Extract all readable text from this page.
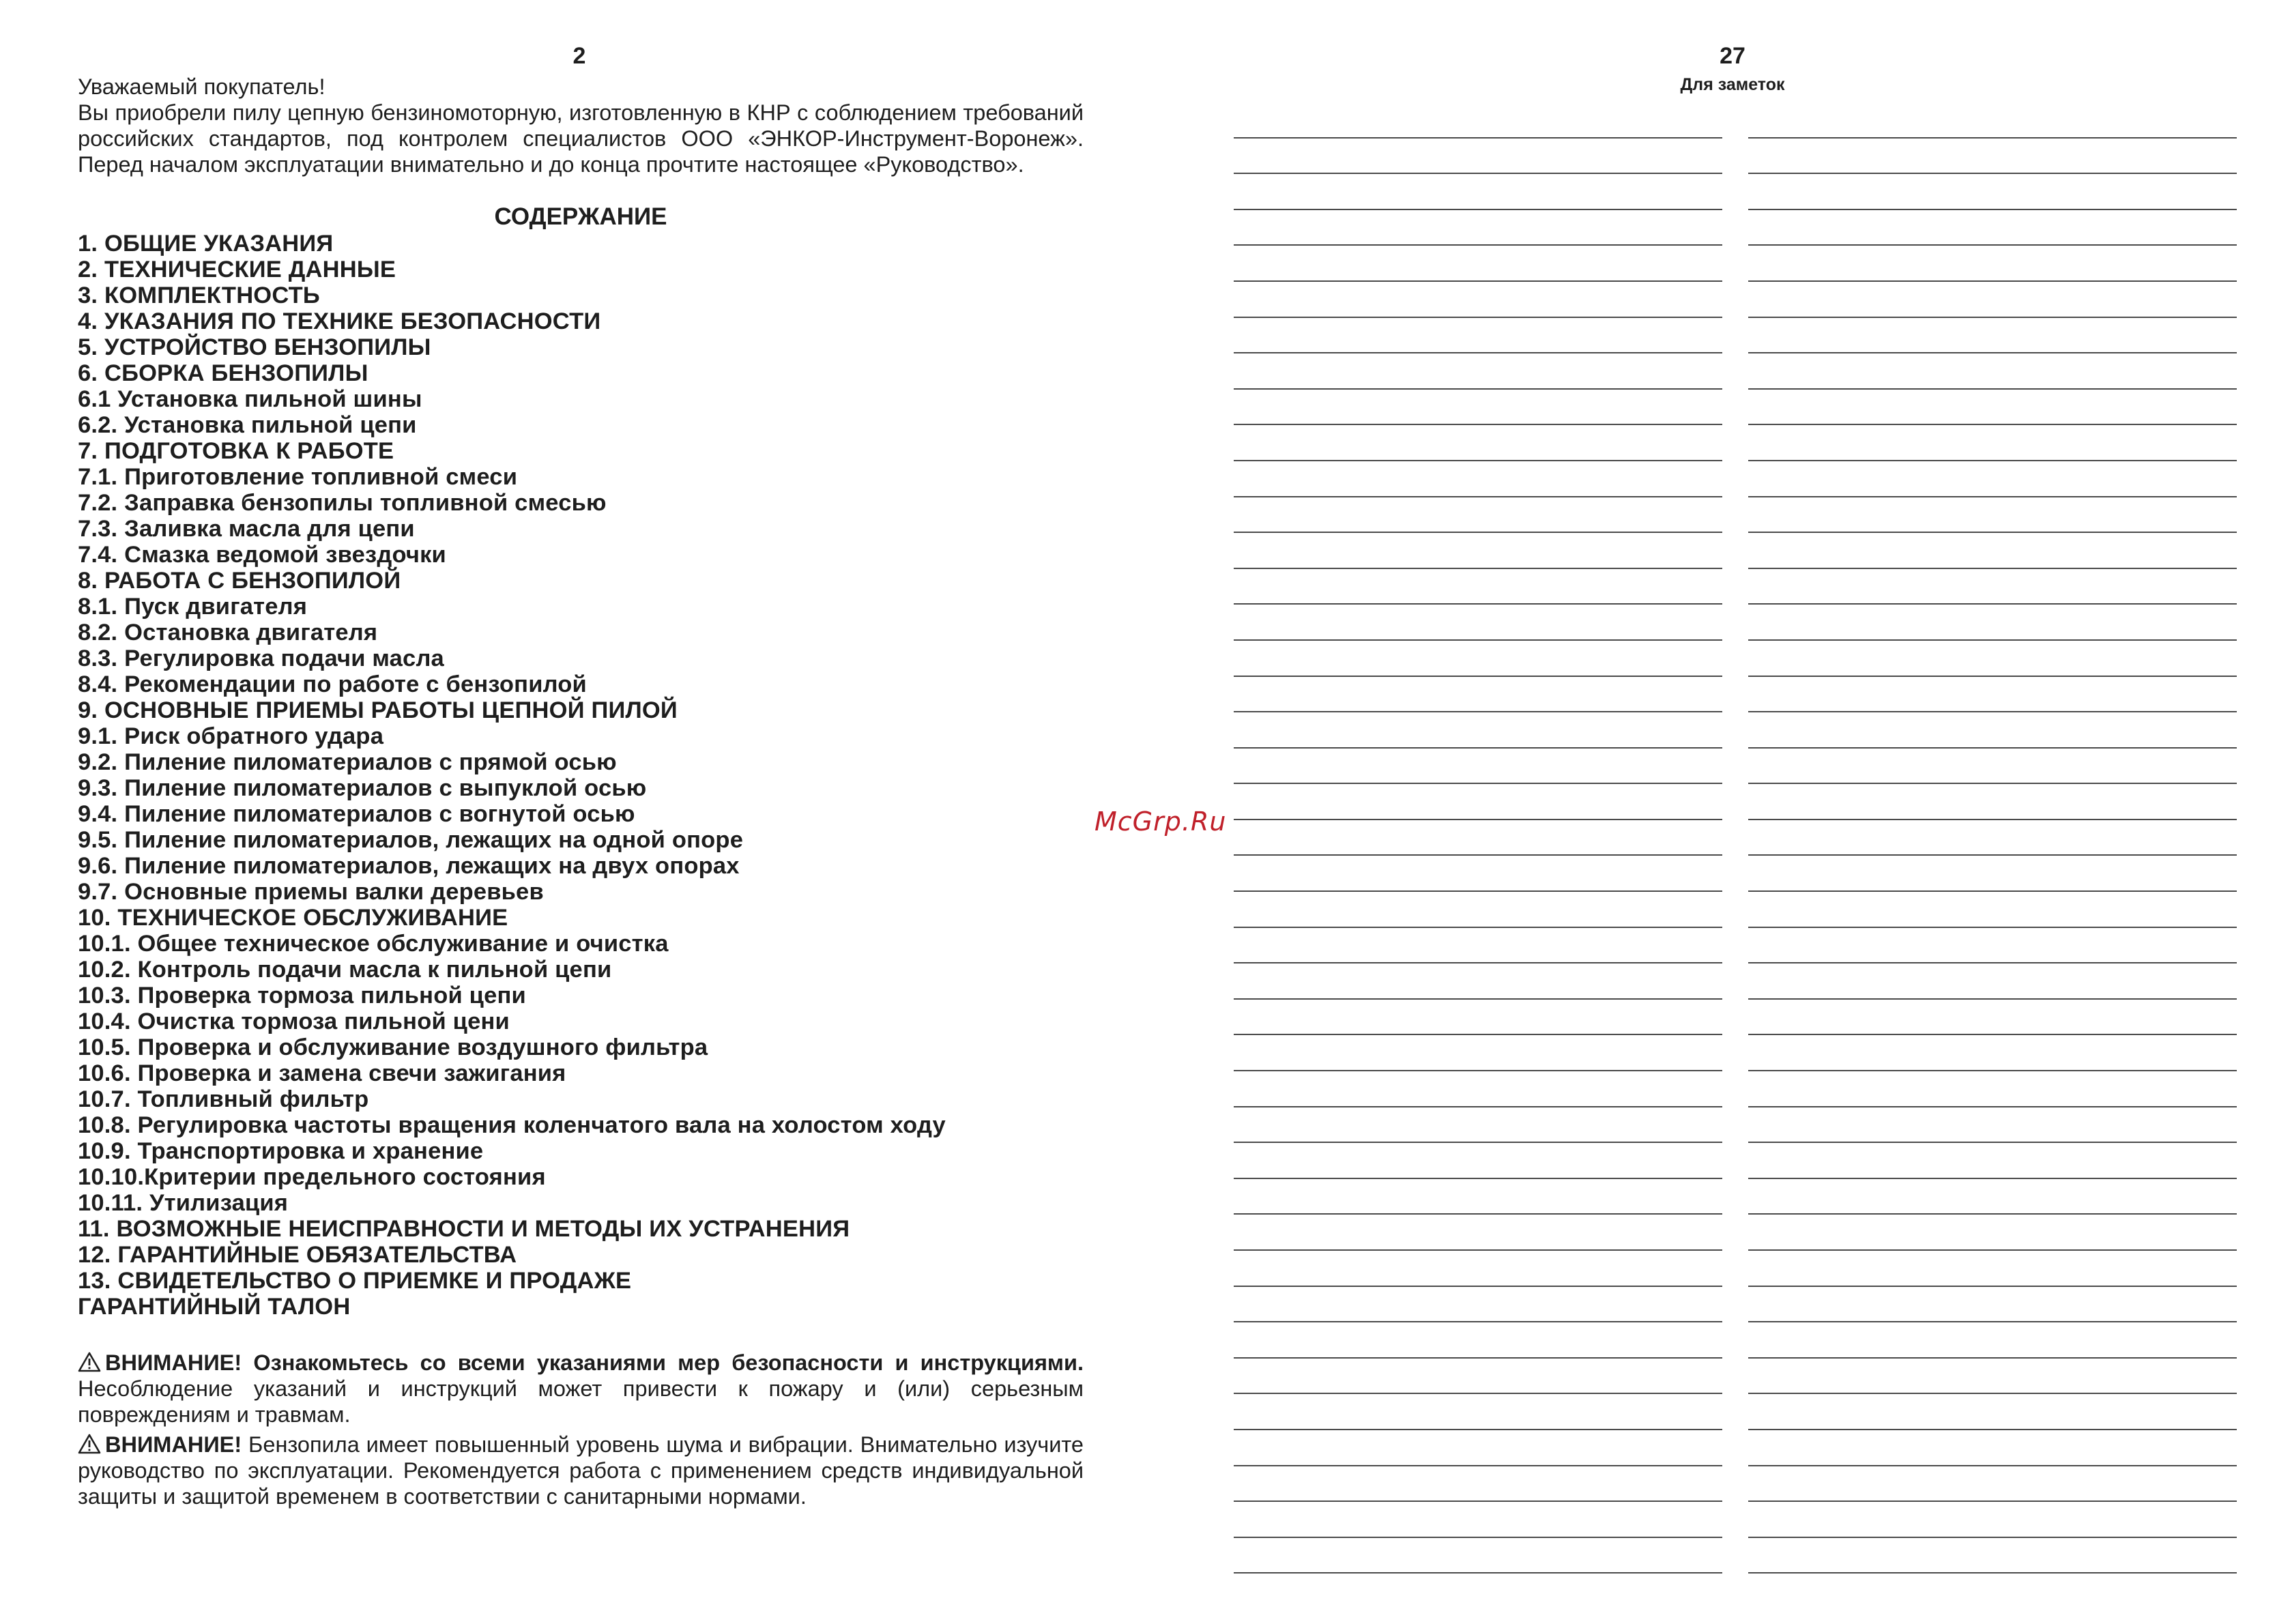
2

Уважаемый покупатель!

Вы приобрели пилу цепную бензиномоторную, изготовленную в КНР с соблюдением требований российских стандартов, под контролем специалистов ООО «ЭНКОР-Инструмент-Воронеж». Перед началом эксплуатации внимательно и до конца прочтите настоящее «Руководство».

СОДЕРЖАНИЕ
1. ОБЩИЕ УКАЗАНИЯ
2. ТЕХНИЧЕСКИЕ ДАННЫЕ
3. КОМПЛЕКТНОСТЬ
4. УКАЗАНИЯ ПО ТЕХНИКЕ БЕЗОПАСНОСТИ
5. УСТРОЙСТВО БЕНЗОПИЛЫ
6. СБОРКА БЕНЗОПИЛЫ
6.1 Установка пильной шины
6.2. Установка пильной цепи
7. ПОДГОТОВКА К РАБОТЕ
7.1. Приготовление топливной смеси
7.2. Заправка бензопилы топливной смесью
7.3. Заливка масла для цепи
7.4. Смазка ведомой звездочки
8. РАБОТА С БЕНЗОПИЛОЙ
8.1. Пуск двигателя
8.2. Остановка двигателя
8.3. Регулировка подачи масла
8.4. Рекомендации по работе с бензопилой
9. ОСНОВНЫЕ ПРИЕМЫ РАБОТЫ ЦЕПНОЙ ПИЛОЙ
9.1. Риск обратного удара
9.2. Пиление пиломатериалов с прямой осью
9.3. Пиление пиломатериалов с выпуклой осью
9.4. Пиление пиломатериалов с вогнутой осью
9.5. Пиление пиломатериалов, лежащих на одной опоре
9.6. Пиление пиломатериалов, лежащих на двух опорах
9.7. Основные приемы валки деревьев
10. ТЕХНИЧЕСКОЕ ОБСЛУЖИВАНИЕ
10.1. Общее техническое обслуживание и очистка
10.2. Контроль подачи масла к пильной цепи
10.3. Проверка тормоза пильной цепи
10.4. Очистка тормоза пильной цени
10.5. Проверка и обслуживание воздушного фильтра
10.6. Проверка и замена свечи зажигания
10.7. Топливный фильтр
10.8. Регулировка частоты вращения коленчатого вала на холостом ходу
10.9. Транспортировка и хранение
10.10.Критерии предельного состояния
10.11. Утилизация
11. ВОЗМОЖНЫЕ НЕИСПРАВНОСТИ И МЕТОДЫ ИХ УСТРАНЕНИЯ
12. ГАРАНТИЙНЫЕ ОБЯЗАТЕЛЬСТВА
13. СВИДЕТЕЛЬСТВО О ПРИЕМКЕ И ПРОДАЖЕ
ГАРАНТИЙНЫЙ ТАЛОН

ВНИМАНИЕ! Ознакомьтесь со всеми указаниями мер безопасности и инструкциями. Несоблюдение указаний и инструкций может привести к пожару и (или) серьезным повреждениям и травмам.

ВНИМАНИЕ! Бензопила имеет повышенный уровень шума и вибрации. Внимательно изучите руководство по эксплуатации. Рекомендуется работа с применением средств индивидуальной защиты и защитой временем в соответствии с санитарными нормами.

27
Для заметок
McGrp.Ru
